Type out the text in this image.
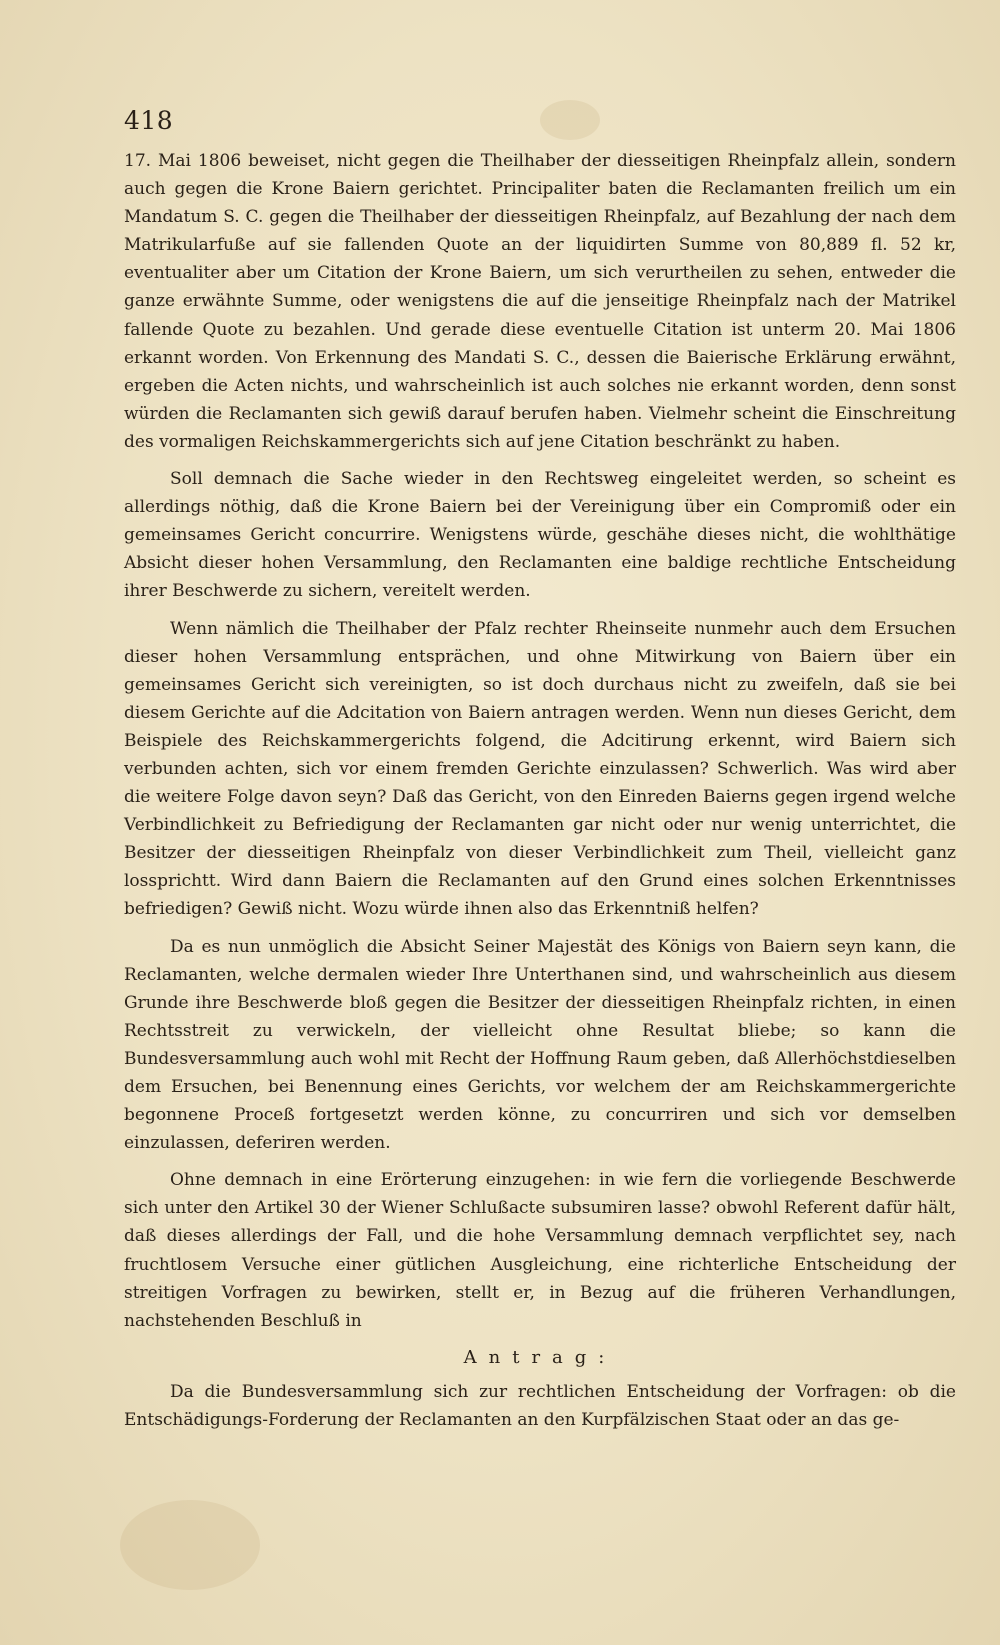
418

17. Mai 1806 beweiset, nicht gegen die Theilhaber der diesseitigen Rheinpfalz allein, sondern auch gegen die Krone Baiern gerichtet. Principaliter baten die Reclamanten freilich um ein Mandatum S. C. gegen die Theilhaber der diesseitigen Rheinpfalz, auf Bezahlung der nach dem Matrikularfuße auf sie fallenden Quote an der liquidirten Summe von 80,889 fl. 52 kr, eventualiter aber um Citation der Krone Baiern, um sich verurtheilen zu sehen, entweder die ganze erwähnte Summe, oder wenigstens die auf die jenseitige Rheinpfalz nach der Matrikel fallende Quote zu bezahlen. Und gerade diese eventuelle Citation ist unterm 20. Mai 1806 erkannt worden. Von Erkennung des Mandati S. C., dessen die Baierische Erklärung erwähnt, ergeben die Acten nichts, und wahrscheinlich ist auch solches nie erkannt worden, denn sonst würden die Reclamanten sich gewiß darauf berufen haben. Vielmehr scheint die Einschreitung des vormaligen Reichskammergerichts sich auf jene Citation beschränkt zu haben.

Soll demnach die Sache wieder in den Rechtsweg eingeleitet werden, so scheint es allerdings nöthig, daß die Krone Baiern bei der Vereinigung über ein Compromiß oder ein gemeinsames Gericht concurrire. Wenigstens würde, geschähe dieses nicht, die wohlthätige Absicht dieser hohen Versammlung, den Reclamanten eine baldige rechtliche Entscheidung ihrer Beschwerde zu sichern, vereitelt werden.

Wenn nämlich die Theilhaber der Pfalz rechter Rheinseite nunmehr auch dem Ersuchen dieser hohen Versammlung entsprächen, und ohne Mitwirkung von Baiern über ein gemeinsames Gericht sich vereinigten, so ist doch durchaus nicht zu zweifeln, daß sie bei diesem Gerichte auf die Adcitation von Baiern antragen werden. Wenn nun dieses Gericht, dem Beispiele des Reichskammergerichts folgend, die Adcitirung erkennt, wird Baiern sich verbunden achten, sich vor einem fremden Gerichte einzulassen? Schwerlich. Was wird aber die weitere Folge davon seyn? Daß das Gericht, von den Einreden Baierns gegen irgend welche Verbindlichkeit zu Befriedigung der Reclamanten gar nicht oder nur wenig unterrichtet, die Besitzer der diesseitigen Rheinpfalz von dieser Verbindlichkeit zum Theil, vielleicht ganz lossprichtt. Wird dann Baiern die Reclamanten auf den Grund eines solchen Erkenntnisses befriedigen? Gewiß nicht. Wozu würde ihnen also das Erkenntniß helfen?

Da es nun unmöglich die Absicht Seiner Majestät des Königs von Baiern seyn kann, die Reclamanten, welche dermalen wieder Ihre Unterthanen sind, und wahrscheinlich aus diesem Grunde ihre Beschwerde bloß gegen die Besitzer der diesseitigen Rheinpfalz richten, in einen Rechtsstreit zu verwickeln, der vielleicht ohne Resultat bliebe; so kann die Bundesversammlung auch wohl mit Recht der Hoffnung Raum geben, daß Allerhöchstdieselben dem Ersuchen, bei Benennung eines Gerichts, vor welchem der am Reichskammergerichte begonnene Proceß fortgesetzt werden könne, zu concurriren und sich vor demselben einzulassen, deferiren werden.

Ohne demnach in eine Erörterung einzugehen: in wie fern die vorliegende Beschwerde sich unter den Artikel 30 der Wiener Schlußacte subsumiren lasse? obwohl Referent dafür hält, daß dieses allerdings der Fall, und die hohe Versammlung demnach verpflichtet sey, nach fruchtlosem Versuche einer gütlichen Ausgleichung, eine richterliche Entscheidung der streitigen Vorfragen zu bewirken, stellt er, in Bezug auf die früheren Verhandlungen, nachstehenden Beschluß in

Antrag:

Da die Bundesversammlung sich zur rechtlichen Entscheidung der Vorfragen: ob die Entschädigungs-Forderung der Reclamanten an den Kurpfälzischen Staat oder an das ge-
